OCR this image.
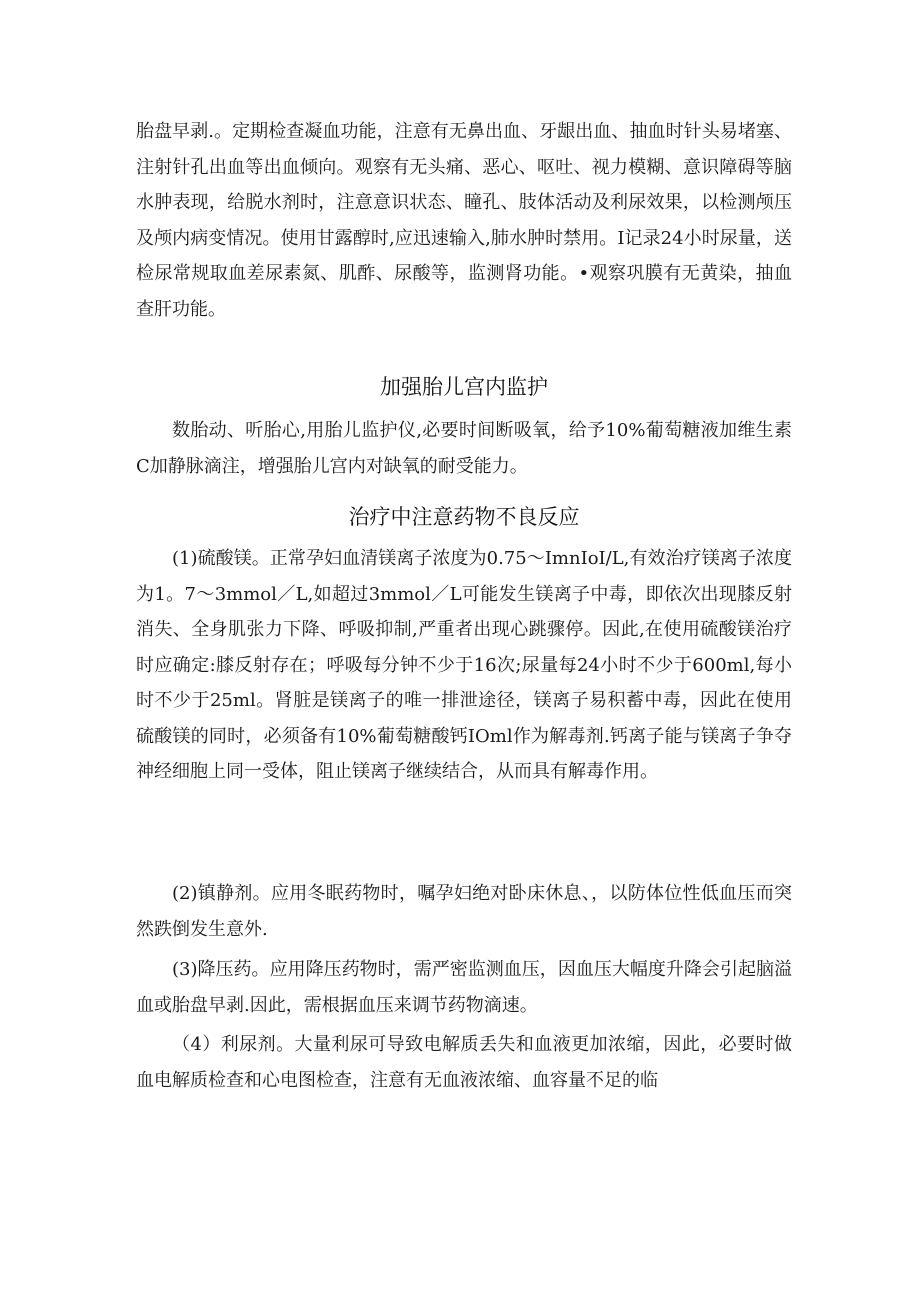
胎盘早剥.。定期检查凝血功能，注意有无鼻出血、牙龈出血、抽血时针头易堵塞、注射针孔出血等出血倾向。观察有无头痛、恶心、呕吐、视力模糊、意识障碍等脑水肿表现，给脱水剂时，注意意识状态、瞳孔、肢体活动及利尿效果，以检测颅压及颅内病变情况。使用甘露醇时,应迅速输入,肺水肿时禁用。I记录24小时尿量，送检尿常规取血差尿素氮、肌酢、尿酸等，监测肾功能。•观察巩膜有无黄染，抽血查肝功能。

加强胎儿宫内监护

数胎动、听胎心,用胎儿监护仪,必要时间断吸氧，给予10%葡萄糖液加维生素C加静脉滴注，增强胎儿宫内对缺氧的耐受能力。

治疗中注意药物不良反应

(1)硫酸镁。正常孕妇血清镁离子浓度为0.75～ImnIoI/L,有效治疗镁离子浓度为1。7～3mmol／L,如超过3mmol／L可能发生镁离子中毒，即依次出现膝反射消失、全身肌张力下降、呼吸抑制,严重者出现心跳骤停。因此,在使用硫酸镁治疗时应确定:膝反射存在；呼吸每分钟不少于16次;尿量每24小时不少于600ml,每小时不少于25ml。肾脏是镁离子的唯一排泄途径，镁离子易积蓄中毒，因此在使用硫酸镁的同时，必须备有10%葡萄糖酸钙IOml作为解毒剂.钙离子能与镁离子争夺神经细胞上同一受体，阻止镁离子继续结合，从而具有解毒作用。

(2)镇静剂。应用冬眠药物时，嘱孕妇绝对卧床休息、，以防体位性低血压而突然跌倒发生意外.

(3)降压药。应用降压药物时，需严密监测血压，因血压大幅度升降会引起脑溢血或胎盘早剥.因此，需根据血压来调节药物滴速。

（4）利尿剂。大量利尿可导致电解质丢失和血液更加浓缩，因此，必要时做血电解质检查和心电图检查，注意有无血液浓缩、血容量不足的临
